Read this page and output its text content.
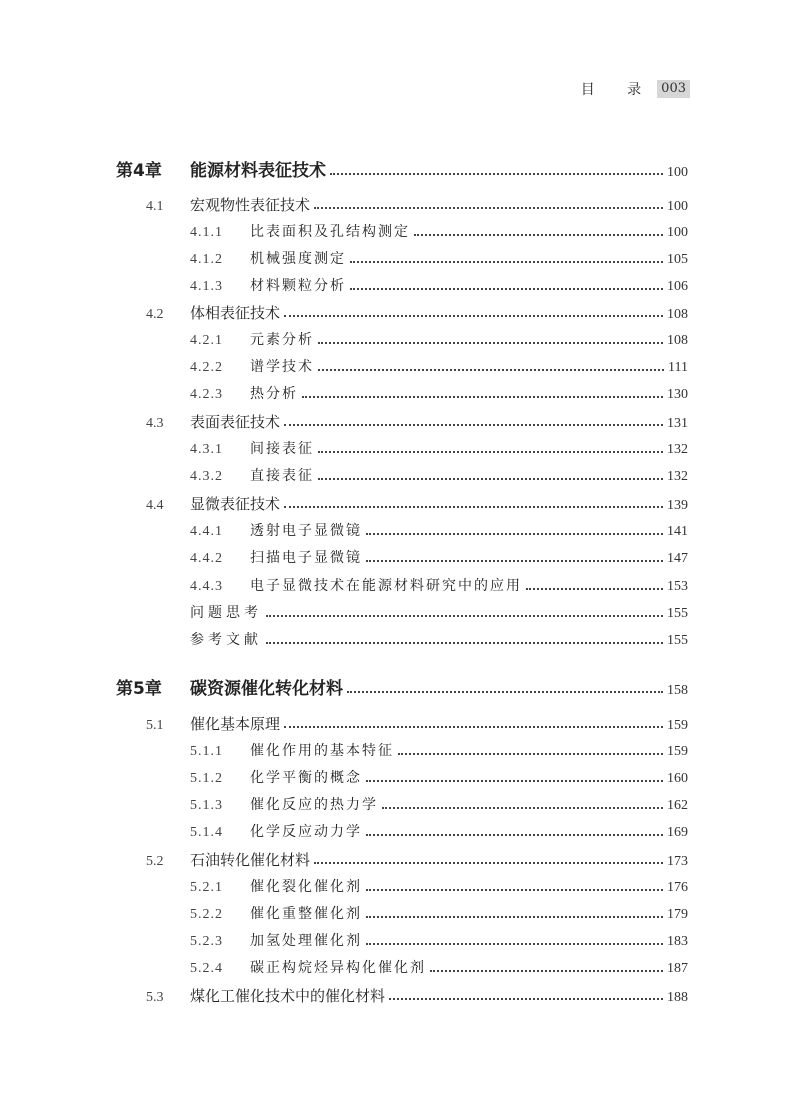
目 录 003
第4章	能源材料表征技术	100
4.1	宏观物性表征技术	100
4.1.1	比表面积及孔结构测定	100
4.1.2	机械强度测定	105
4.1.3	材料颗粒分析	106
4.2	体相表征技术	108
4.2.1	元素分析	108
4.2.2	谱学技术	111
4.2.3	热分析	130
4.3	表面表征技术	131
4.3.1	间接表征	132
4.3.2	直接表征	132
4.4	显微表征技术	139
4.4.1	透射电子显微镜	141
4.4.2	扫描电子显微镜	147
4.4.3	电子显微技术在能源材料研究中的应用	153
问题思考	155
参考文献	155
第5章	碳资源催化转化材料	158
5.1	催化基本原理	159
5.1.1	催化作用的基本特征	159
5.1.2	化学平衡的概念	160
5.1.3	催化反应的热力学	162
5.1.4	化学反应动力学	169
5.2	石油转化催化材料	173
5.2.1	催化裂化催化剂	176
5.2.2	催化重整催化剂	179
5.2.3	加氢处理催化剂	183
5.2.4	碳正构烷烃异构化催化剂	187
5.3	煤化工催化技术中的催化材料	188
